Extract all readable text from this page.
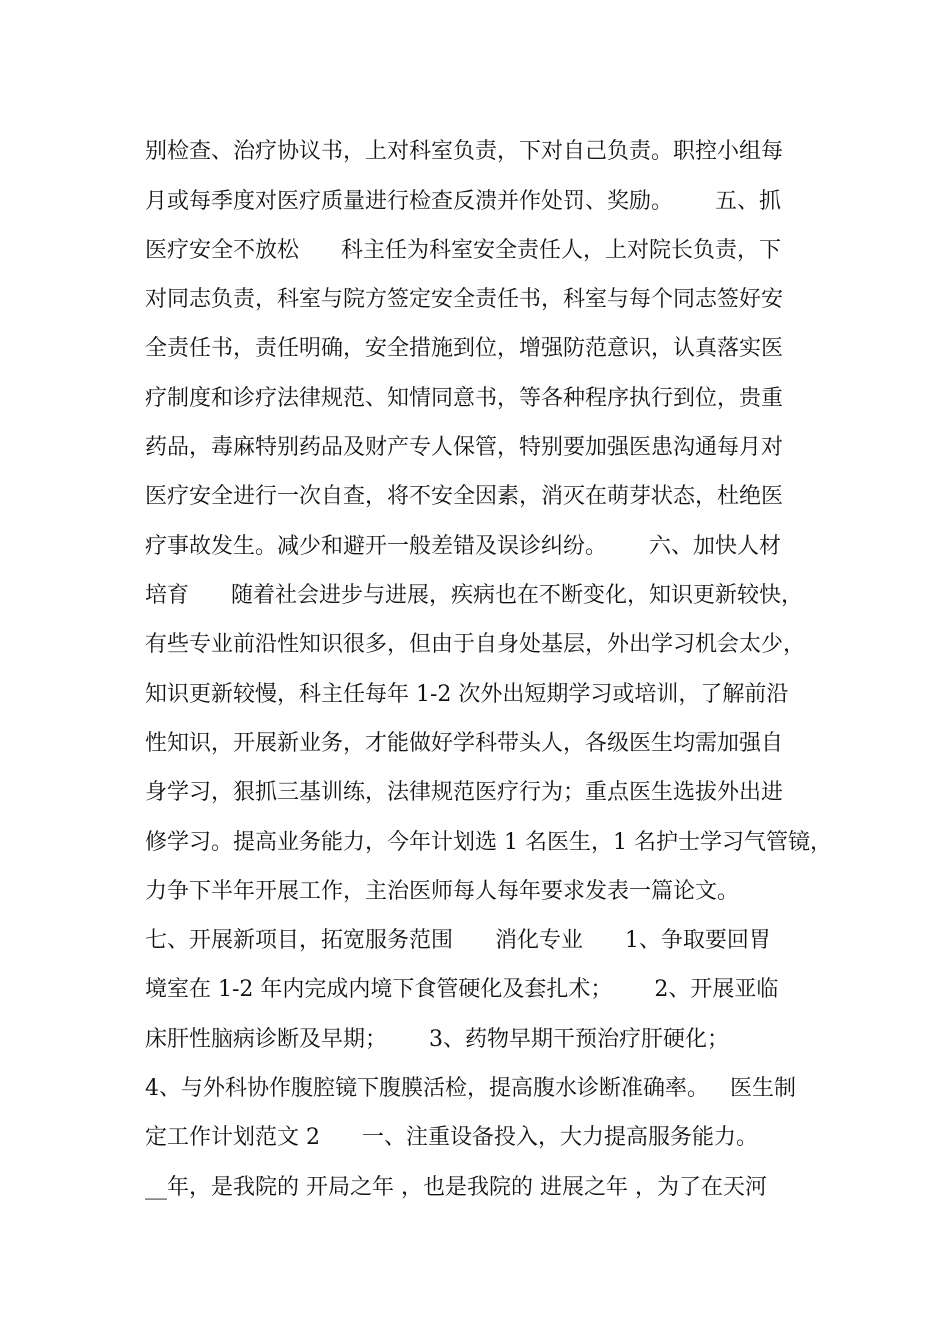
别检查、治疗协议书，上对科室负责，下对自己负责。职控小组每
月或每季度对医疗质量进行检查反溃并作处罚、奖励。      五、抓
医疗安全不放松      科主任为科室安全责任人，上对院长负责，下
对同志负责，科室与院方签定安全责任书，科室与每个同志签好安
全责任书，责任明确，安全措施到位，增强防范意识，认真落实医
疗制度和诊疗法律规范、知情同意书，等各种程序执行到位，贵重
药品，毒麻特别药品及财产专人保管，特别要加强医患沟通每月对
医疗安全进行一次自查，将不安全因素，消灭在萌芽状态，杜绝医
疗事故发生。减少和避开一般差错及误诊纠纷。      六、加快人材
培育      随着社会进步与进展，疾病也在不断变化，知识更新较快，
有些专业前沿性知识很多，但由于自身处基层，外出学习机会太少，
知识更新较慢，科主任每年 1-2 次外出短期学习或培训，了解前沿
性知识，开展新业务，才能做好学科带头人，各级医生均需加强自
身学习，狠抓三基训练，法律规范医疗行为；重点医生选拔外出进
修学习。提高业务能力，今年计划选 1 名医生，1 名护士学习气管镜，
力争下半年开展工作，主治医师每人每年要求发表一篇论文。
七、开展新项目，拓宽服务范围      消化专业      1、争取要回胃
境室在 1-2 年内完成内境下食管硬化及套扎术；      2、开展亚临
床肝性脑病诊断及早期；      3、药物早期干预治疗肝硬化；
4、与外科协作腹腔镜下腹膜活检，提高腹水诊断准确率。   医生制
定工作计划范文 2      一、注重设备投入，大力提高服务能力。
__年，是我院的 开局之年 ，也是我院的 进展之年 ，为了在天河
